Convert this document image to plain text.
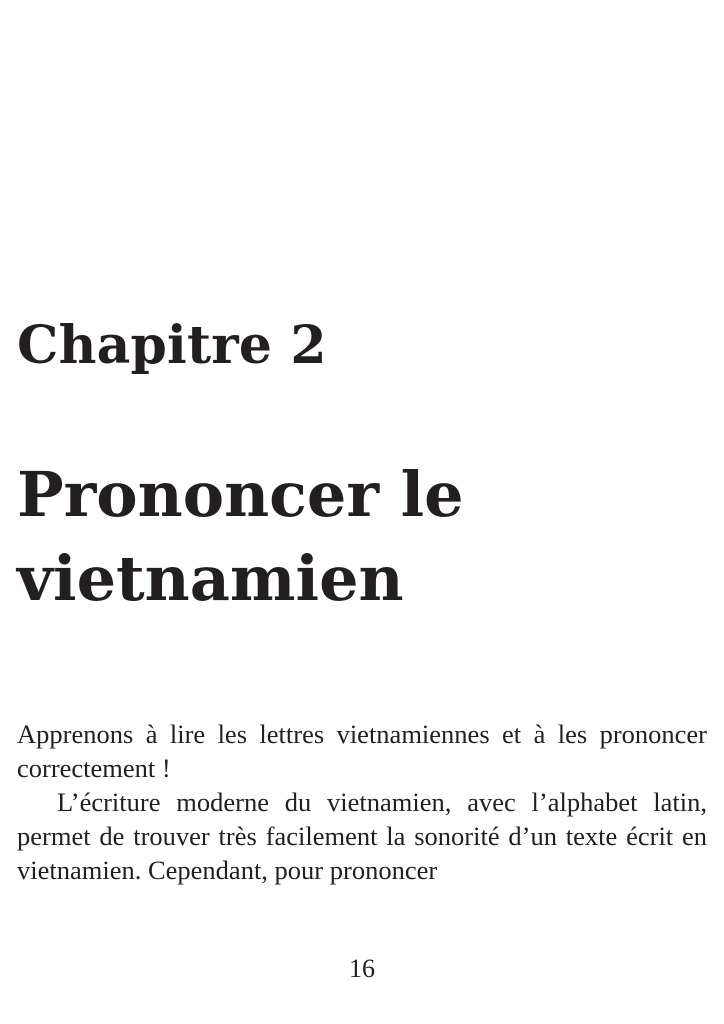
Chapitre 2
Prononcer le
vietnamien

Apprenons à lire les lettres vietnamiennes et à les prononcer correctement !

L’écriture moderne du vietnamien, avec l’alphabet latin, permet de trouver très facilement la sonorité d’un texte écrit en vietnamien. Cependant, pour prononcer

16
